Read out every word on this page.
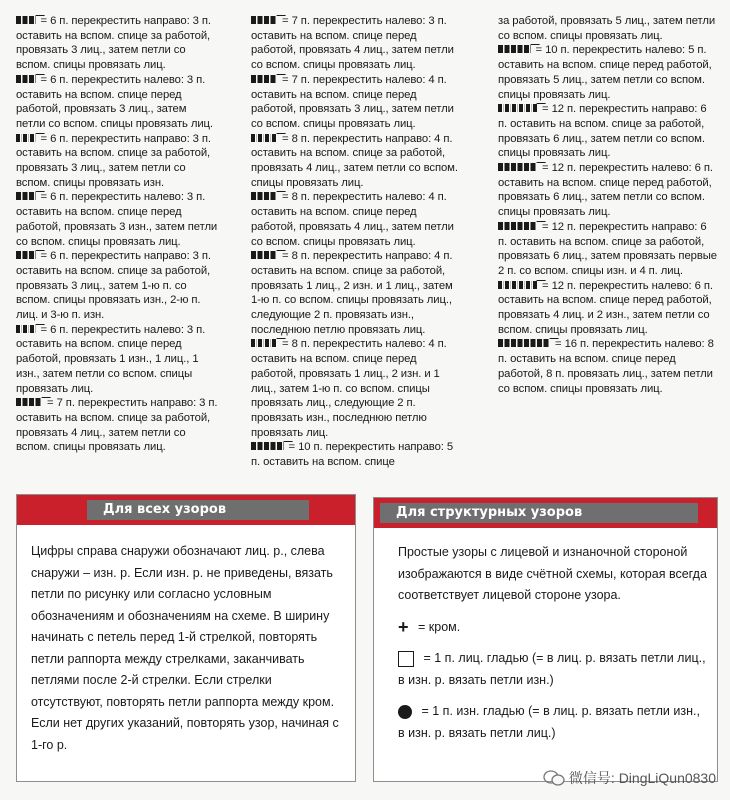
= 6 п. перекрестить направо: 3 п. оставить на вспом. спице за работой, провязать 3 лиц., затем петли со вспом. спицы провязать лиц.

= 6 п. перекрестить налево: 3 п. оставить на вспом. спице перед работой, провязать 3 лиц., затем петли со вспом. спицы провязать лиц.

= 6 п. перекрестить направо: 3 п. оставить на вспом. спице за работой, провязать 3 лиц., затем петли со вспом. спицы провязать изн.

= 6 п. перекрестить налево: 3 п. оставить на вспом. спице перед работой, провязать 3 изн., затем петли со вспом. спицы провязать лиц.

= 6 п. перекрестить направо: 3 п. оставить на вспом. спице за работой, провязать 3 лиц., затем 1-ю п. со вспом. спицы провязать изн., 2-ю п. лиц. и 3-ю п. изн.

= 6 п. перекрестить налево: 3 п. оставить на вспом. спице перед работой, провязать 1 изн., 1 лиц., 1 изн., затем петли со вспом. спицы провязать лиц.

= 7 п. перекрестить направо: 3 п. оставить на вспом. спице за работой, провязать 4 лиц., затем петли со вспом. спицы провязать лиц.

= 7 п. перекрестить налево: 3 п. оставить на вспом. спице перед работой, провязать 4 лиц., затем петли со вспом. спицы провязать лиц.

= 7 п. перекрестить налево: 4 п. оставить на вспом. спице перед работой, провязать 3 лиц., затем петли со вспом. спицы провязать лиц.

= 8 п. перекрестить направо: 4 п. оставить на вспом. спице за работой, провязать 4 лиц., затем петли со вспом. спицы провязать лиц.

= 8 п. перекрестить налево: 4 п. оставить на вспом. спице перед работой, провязать 4 лиц., затем петли со вспом. спицы провязать лиц.

= 8 п. перекрестить направо: 4 п. оставить на вспом. спице за работой, провязать 1 лиц., 2 изн. и 1 лиц., затем 1-ю п. со вспом. спицы провязать лиц., следующие 2 п. провязать изн., последнюю петлю провязать лиц.

= 8 п. перекрестить налево: 4 п. оставить на вспом. спице перед работой, провязать 1 лиц., 2 изн. и 1 лиц., затем 1-ю п. со вспом. спицы провязать лиц., следующие 2 п. провязать изн., последнюю петлю провязать лиц.

= 10 п. перекрестить направо: 5 п. оставить на вспом. спице

за работой, провязать 5 лиц., затем петли со вспом. спицы провязать лиц.

= 10 п. перекрестить налево: 5 п. оставить на вспом. спице перед работой, провязать 5 лиц., затем петли со вспом. спицы провязать лиц.

= 12 п. перекрестить направо: 6 п. оставить на вспом. спице за работой, провязать 6 лиц., затем петли со вспом. спицы провязать лиц.

= 12 п. перекрестить налево: 6 п. оставить на вспом. спице перед работой, провязать 6 лиц., затем петли со вспом. спицы провязать лиц.

= 12 п. перекрестить направо: 6 п. оставить на вспом. спице за работой, провязать 6 лиц., затем провязать первые 2 п. со вспом. спицы изн. и 4 п. лиц.

= 12 п. перекрестить налево: 6 п. оставить на вспом. спице перед работой, провязать 4 лиц. и 2 изн., затем петли со вспом. спицы провязать лиц.

= 16 п. перекрестить налево: 8 п. оставить на вспом. спице перед работой, 8 п. провязать лиц., затем петли со вспом. спицы провязать лиц.

Для всех узоров
Цифры справа снаружи обозначают лиц. р., слева снаружи – изн. р. Если изн. р. не приведены, вязать петли по рисунку или согласно условным обозначениям и обозначениям на схеме. В ширину начинать с петель перед 1-й стрелкой, повторять петли раппорта между стрелками, заканчивать петлями после 2-й стрелки. Если стрелки отсутствуют, повторять петли раппорта между кром. Если нет других указаний, повторять узор, начиная с 1-го р.
Для структурных узоров
Простые узоры с лицевой и изнаночной стороной изображаются в виде счётной схемы, которая всегда соответствует лицевой стороне узора.
+ = кром.
= 1 п. лиц. гладью (= в лиц. р. вязать петли лиц., в изн. р. вязать петли изн.)
= 1 п. изн. гладью (= в лиц. р. вязать петли изн., в изн. р. вязать петли лиц.)
微信号: DingLiQun0830
